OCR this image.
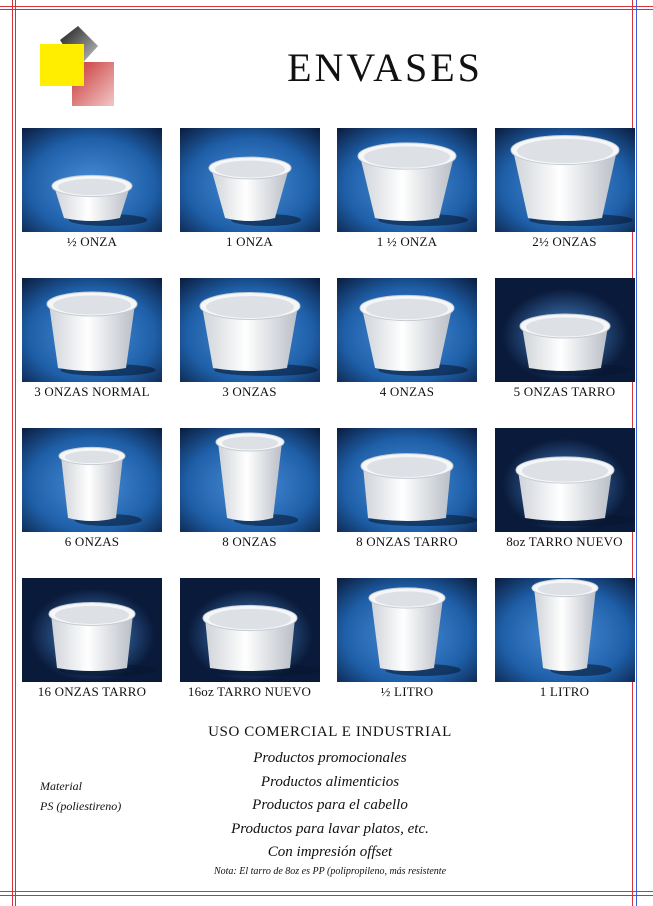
ENVASES
½ ONZA	1 ONZA	1 ½ ONZA	2½ ONZAS
3 ONZAS NORMAL	3 ONZAS	4 ONZAS	5 ONZAS TARRO
6 ONZAS	8 ONZAS	8 ONZAS TARRO	8oz TARRO NUEVO
16 ONZAS TARRO	16oz TARRO NUEVO	½ LITRO	1 LITRO
USO COMERCIAL E INDUSTRIAL
Productos promocionales
Productos alimenticios
Productos para el cabello
Productos para lavar platos, etc.
Con impresión offset
Nota: El tarro de 8oz es PP (polipropileno, más resistente
Material
PS (poliestireno)
